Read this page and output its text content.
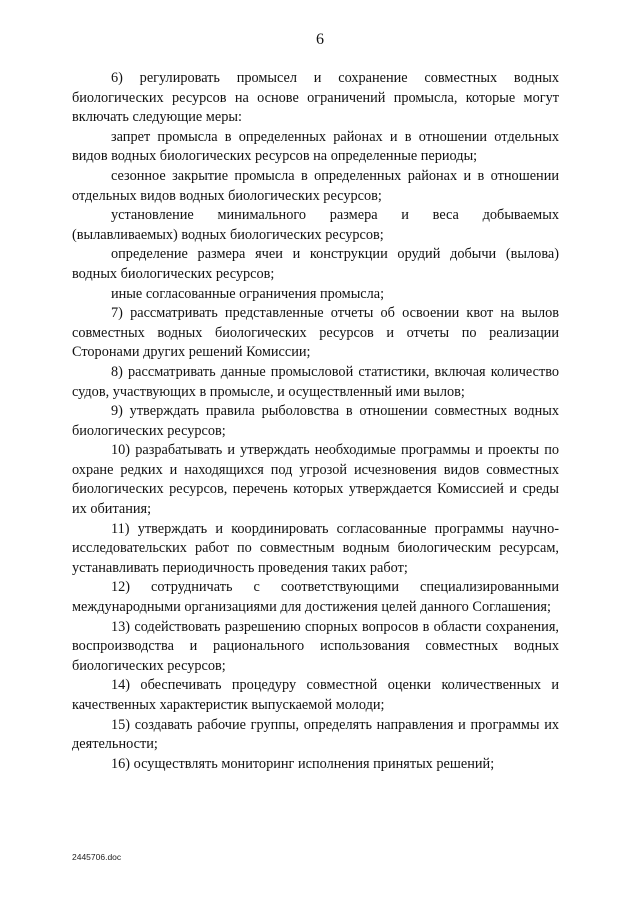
6

6) регулировать промысел и сохранение совместных водных биологических ресурсов на основе ограничений промысла, которые могут включать следующие меры:

запрет промысла в определенных районах и в отношении отдельных видов водных биологических ресурсов на определенные периоды;

сезонное закрытие промысла в определенных районах и в отношении отдельных видов водных биологических ресурсов;

установление минимального размера и веса добываемых (вылавливаемых) водных биологических ресурсов;

определение размера ячеи и конструкции орудий добычи (вылова) водных биологических ресурсов;

иные согласованные ограничения промысла;

7) рассматривать представленные отчеты об освоении квот на вылов совместных водных биологических ресурсов и отчеты по реализации Сторонами других решений Комиссии;

8) рассматривать данные промысловой статистики, включая количество судов, участвующих в промысле, и осуществленный ими вылов;

9) утверждать правила рыболовства в отношении совместных водных биологических ресурсов;

10) разрабатывать и утверждать необходимые программы и проекты по охране редких и находящихся под угрозой исчезновения видов совместных биологических ресурсов, перечень которых утверждается Комиссией и среды их обитания;

11) утверждать и координировать согласованные программы научно-исследовательских работ по совместным водным биологическим ресурсам, устанавливать периодичность проведения таких работ;

12) сотрудничать с соответствующими специализированными международными организациями для достижения целей данного Соглашения;

13) содействовать разрешению спорных вопросов в области сохранения, воспроизводства и рационального использования совместных водных биологических ресурсов;

14) обеспечивать процедуру совместной оценки количественных и качественных характеристик выпускаемой молоди;

15) создавать рабочие группы, определять направления и программы их деятельности;

16) осуществлять мониторинг исполнения принятых решений;

2445706.doc
